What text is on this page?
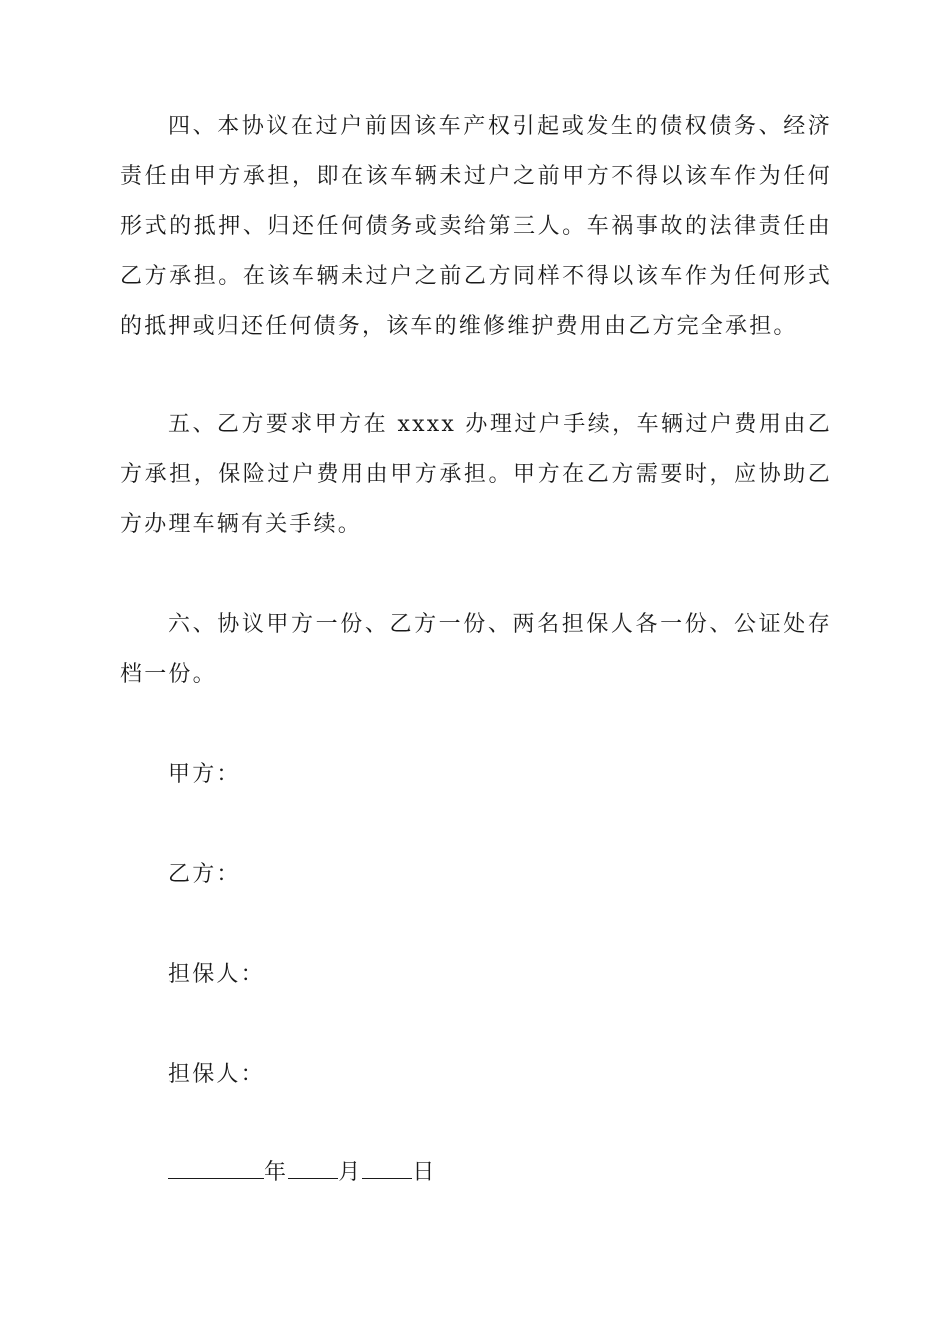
四、本协议在过户前因该车产权引起或发生的债权债务、经济责任由甲方承担，即在该车辆未过户之前甲方不得以该车作为任何形式的抵押、归还任何债务或卖给第三人。车祸事故的法律责任由乙方承担。在该车辆未过户之前乙方同样不得以该车作为任何形式的抵押或归还任何债务，该车的维修维护费用由乙方完全承担。

五、乙方要求甲方在 xxxx 办理过户手续，车辆过户费用由乙方承担，保险过户费用由甲方承担。甲方在乙方需要时，应协助乙方办理车辆有关手续。

六、协议甲方一份、乙方一份、两名担保人各一份、公证处存档一份。

甲方：

乙方：

担保人：

担保人：

年 月 日
